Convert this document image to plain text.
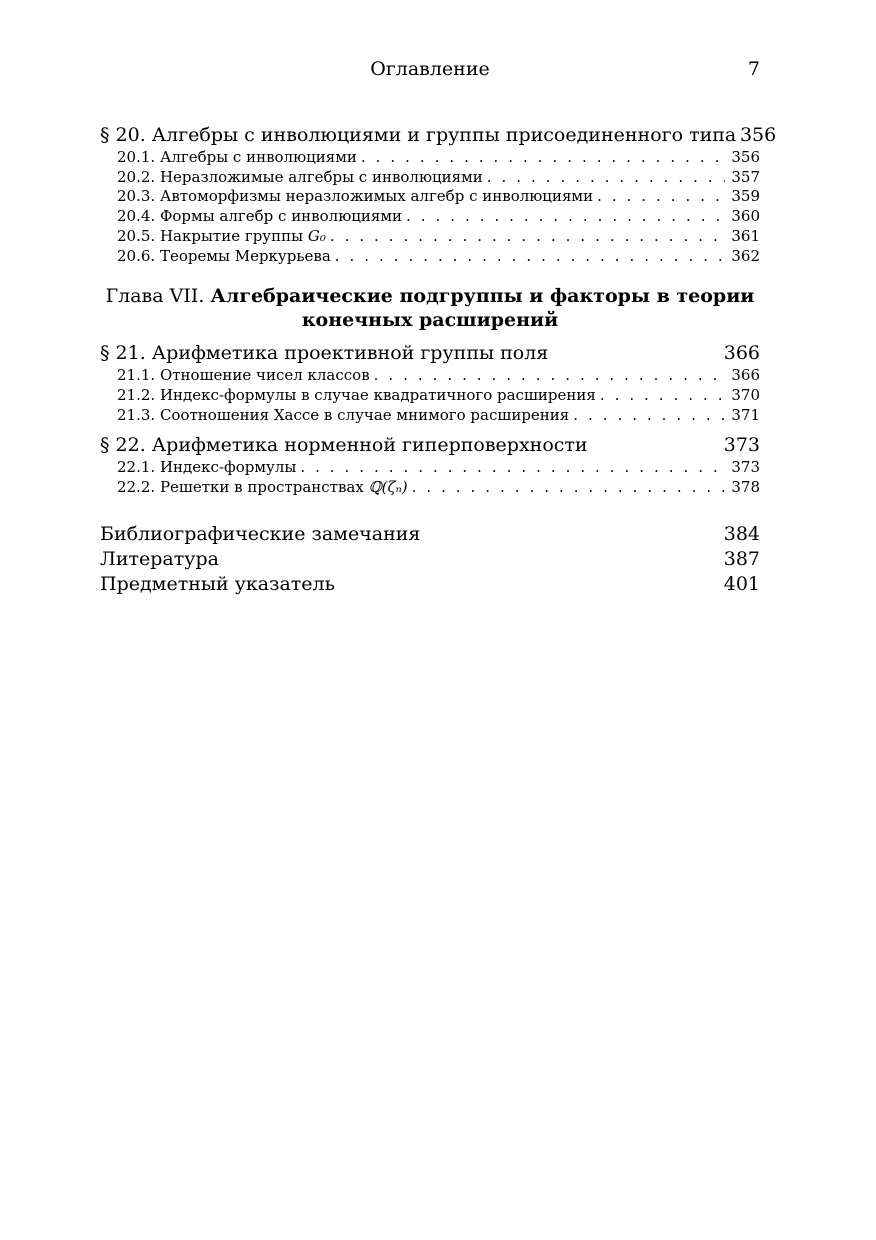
Оглавление	7
§ 20. Алгебры с инволюциями и группы присоединенного типа 356
20.1. Алгебры с инволюциями . . .	356
20.2. Неразложимые алгебры с инволюциями . . .	357
20.3. Автоморфизмы неразложимых алгебр с инволюциями . . .	359
20.4. Формы алгебр с инволюциями . . .	360
20.5. Накрытие группы G₀ . . .	361
20.6. Теоремы Меркурьева . . .	362
Глава VII. Алгебраические подгруппы и факторы в теории
конечных расширений
§ 21. Арифметика проективной группы поля	366
21.1. Отношение чисел классов . . .	366
21.2. Индекс-формулы в случае квадратичного расширения . . .	370
21.3. Соотношения Хассе в случае мнимого расширения . . .	371
§ 22. Арифметика норменной гиперповерхности	373
22.1. Индекс-формулы . . .	373
22.2. Решетки в пространствах ℚ(ζₙ) . . .	378
Библиографические замечания	384
Литература	387
Предметный указатель	401
